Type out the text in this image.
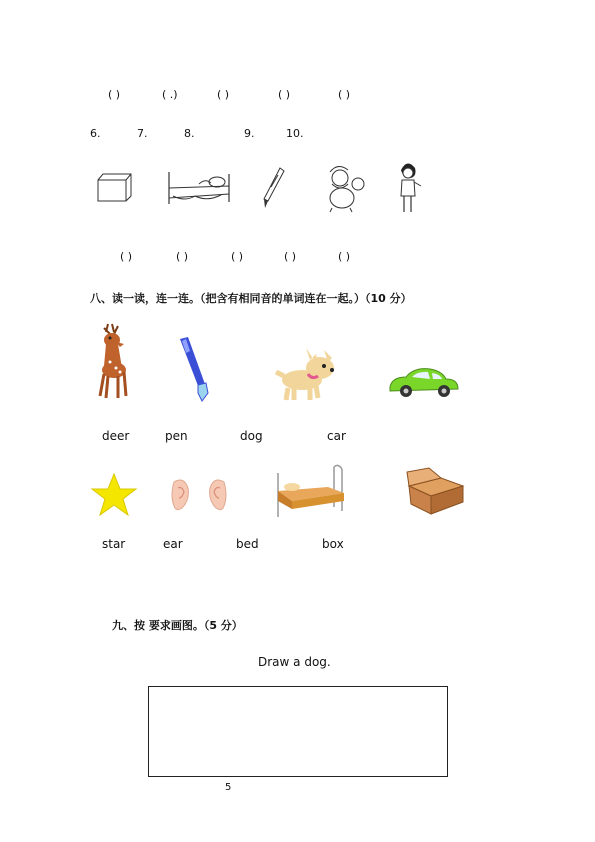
( )	( .)	( )	( )	( )
6.	7.	8.	9.	10.
( )	( )	( )	( )	( )
八、读一读，连一连。（把含有相同音的单词连在一起。）（10 分）
deer	pen	dog	car
star	ear	bed	box
九、按 要求画图。（5 分）
Draw a dog.
5
